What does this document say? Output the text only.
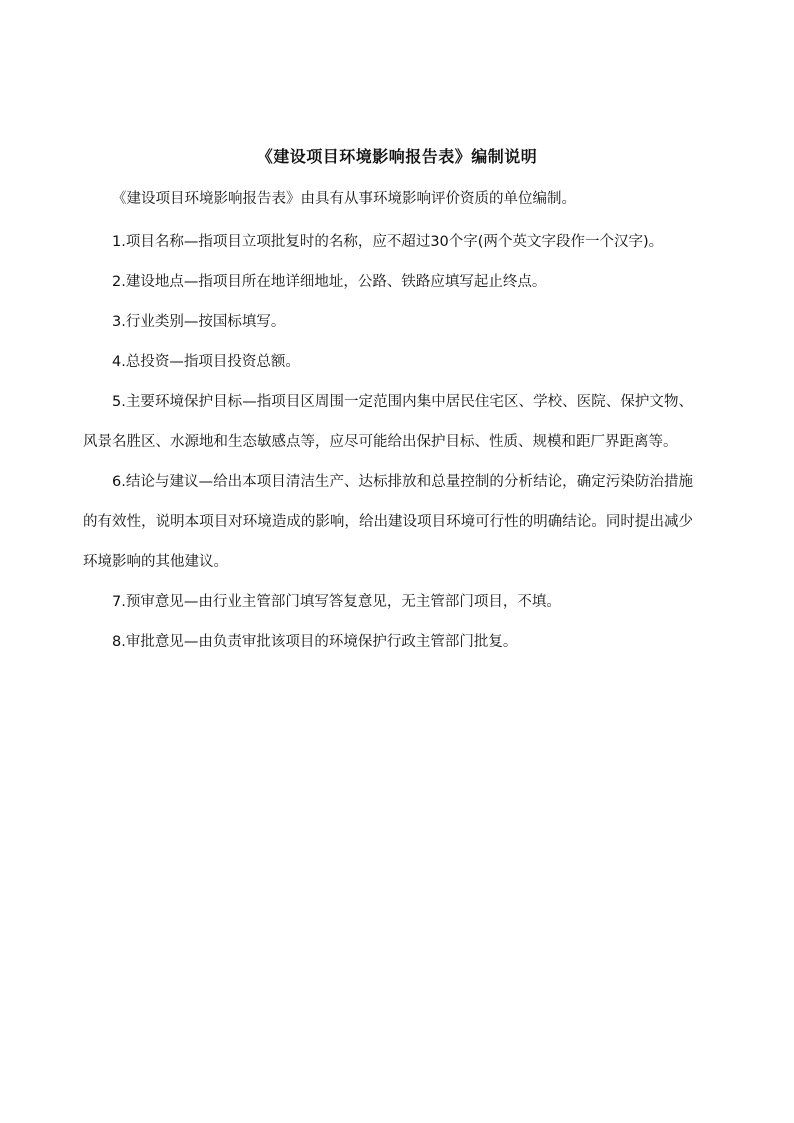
《建设项目环境影响报告表》编制说明

《建设项目环境影响报告表》由具有从事环境影响评价资质的单位编制。

1.项目名称—指项目立项批复时的名称，应不超过30个字(两个英文字段作一个汉字)。

2.建设地点—指项目所在地详细地址，公路、铁路应填写起止终点。

3.行业类别—按国标填写。

4.总投资—指项目投资总额。

5.主要环境保护目标—指项目区周围一定范围内集中居民住宅区、学校、医院、保护文物、风景名胜区、水源地和生态敏感点等，应尽可能给出保护目标、性质、规模和距厂界距离等。

6.结论与建议—给出本项目清洁生产、达标排放和总量控制的分析结论，确定污染防治措施的有效性，说明本项目对环境造成的影响，给出建设项目环境可行性的明确结论。同时提出减少环境影响的其他建议。

7.预审意见—由行业主管部门填写答复意见，无主管部门项目，不填。

8.审批意见—由负责审批该项目的环境保护行政主管部门批复。
